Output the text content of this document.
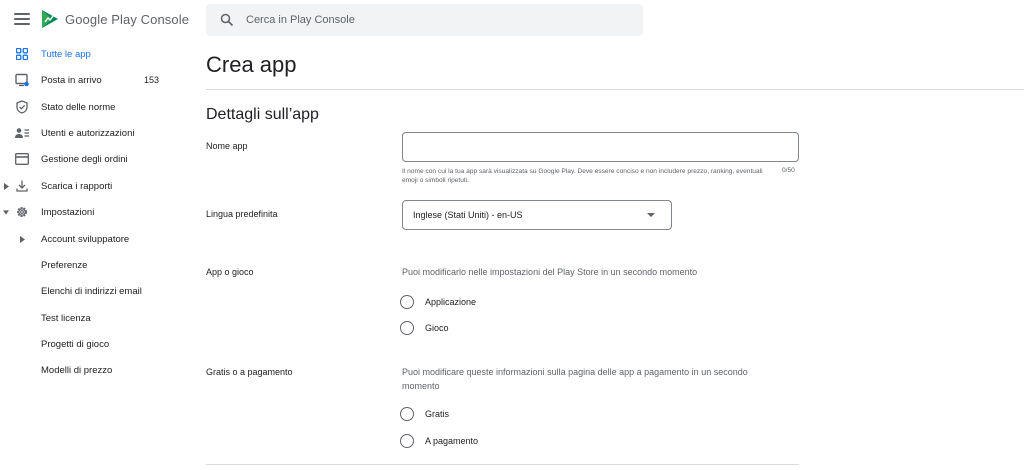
Google Play Console
Cerca in Play Console
Tutte le app
Posta in arrivo	153
Stato delle norme
Utenti e autorizzazioni
Gestione degli ordini
Scarica i rapporti
Impostazioni
Account sviluppatore
Preferenze
Elenchi di indirizzi email
Test licenza
Progetti di gioco
Modelli di prezzo
Crea app
Dettagli sull’app
Nome app
Il nome con cui la tua app sarà visualizzata su Google Play. Deve essere conciso e non includere prezzo, ranking, eventuali emoji o simboli ripetuti.
0/50
Lingua predefinita	Inglese (Stati Uniti) - en-US
App o gioco	Puoi modificarlo nelle impostazioni del Play Store in un secondo momento
Applicazione
Gioco
Gratis o a pagamento	Puoi modificare queste informazioni sulla pagina delle app a pagamento in un secondo momento
Gratis
A pagamento
